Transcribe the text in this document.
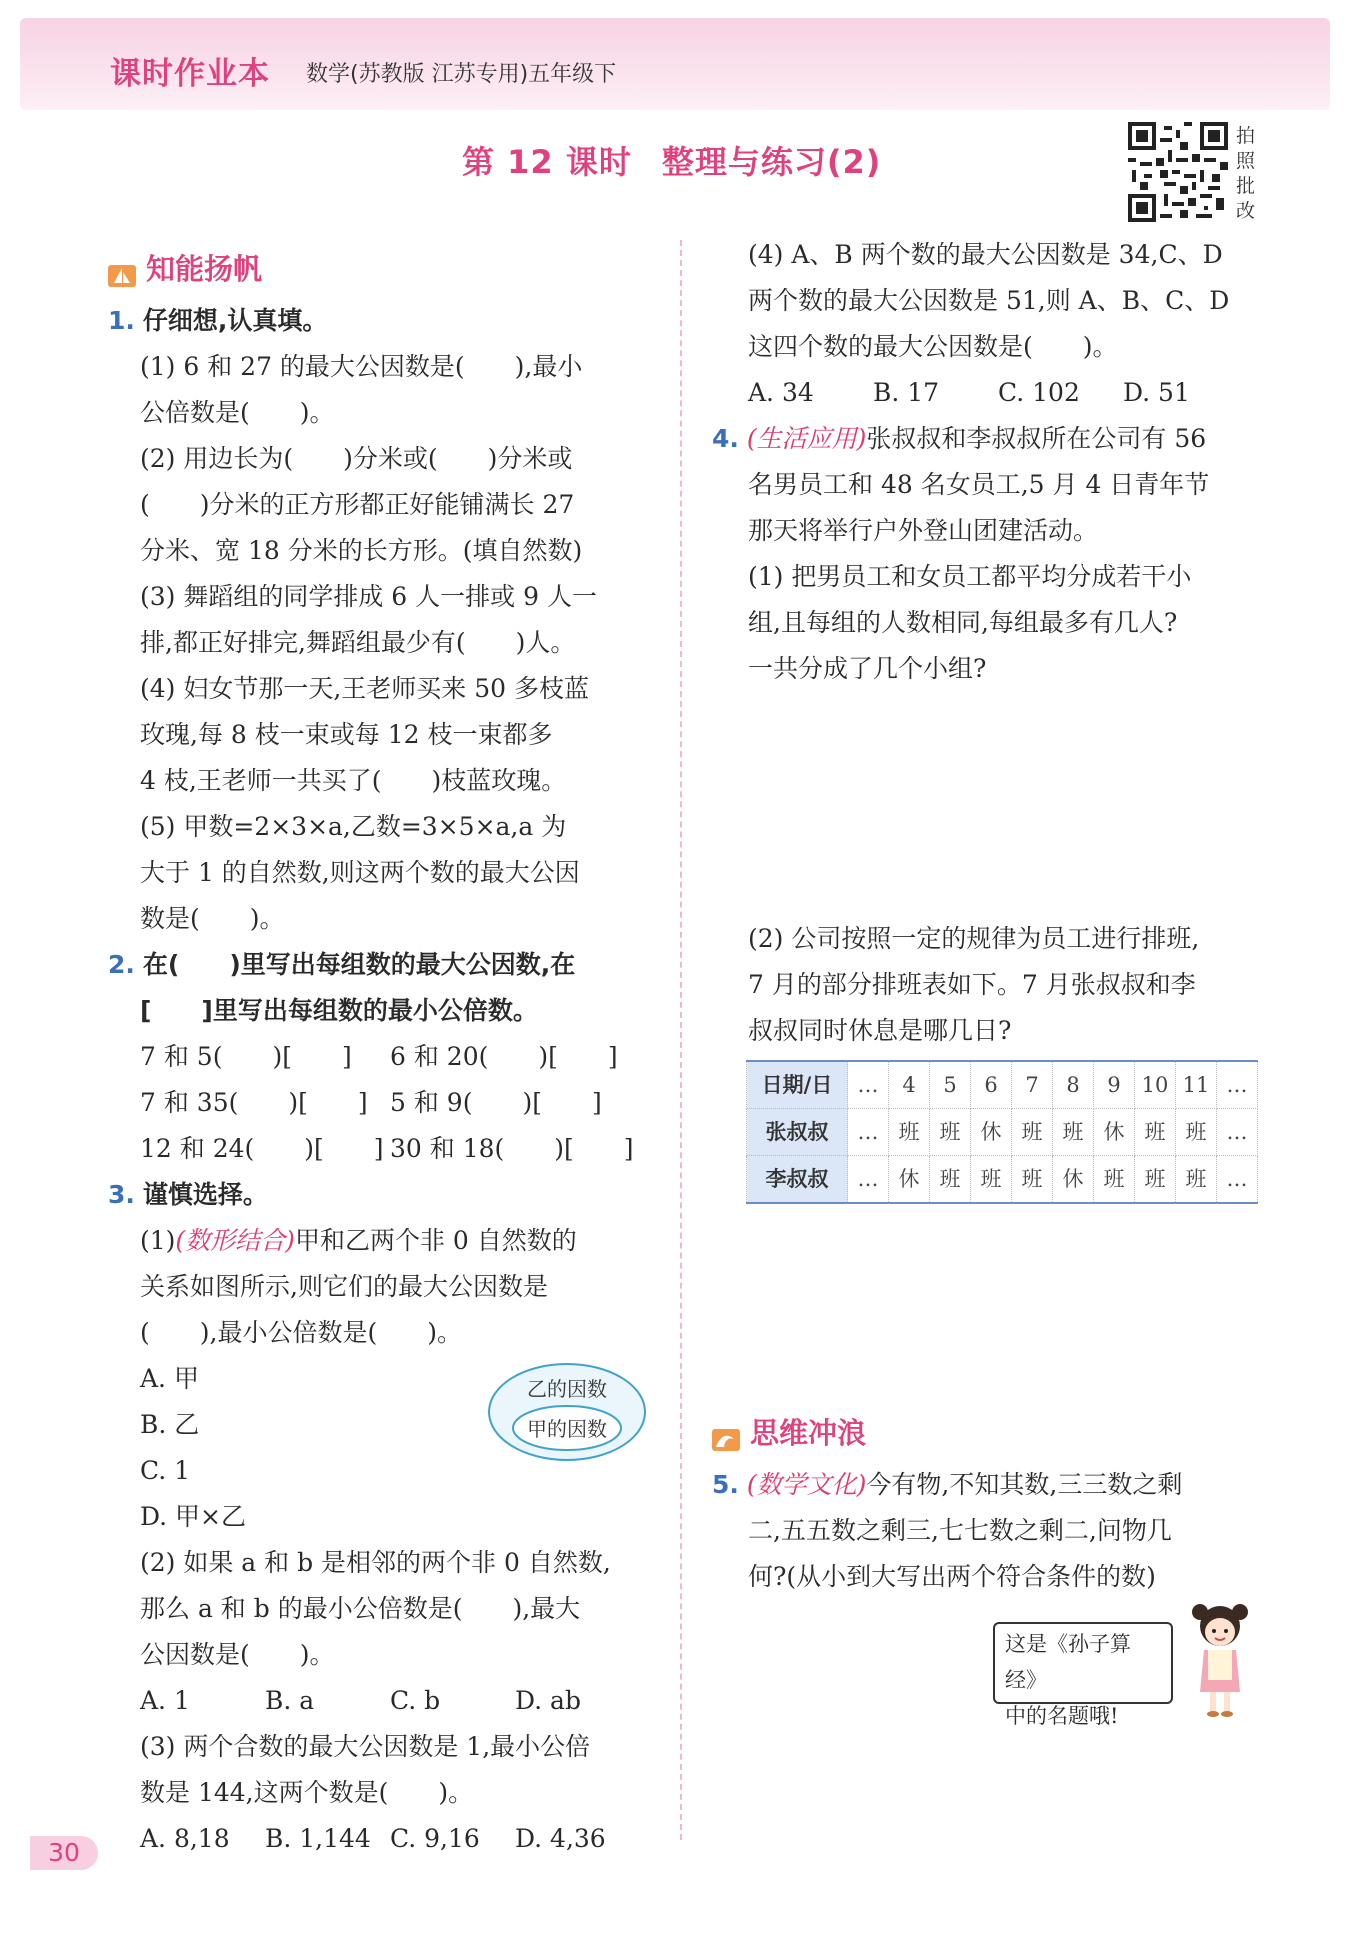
课时作业本 数学(苏教版 江苏专用)五年级下
第 12 课时 整理与练习(2)
拍
照
批
改
知能扬帆
1. 仔细想,认真填。
(1) 6 和 27 的最大公因数是(　　),最小
公倍数是(　　)。
(2) 用边长为(　　)分米或(　　)分米或
(　　)分米的正方形都正好能铺满长 27
分米、宽 18 分米的长方形。(填自然数)
(3) 舞蹈组的同学排成 6 人一排或 9 人一
排,都正好排完,舞蹈组最少有(　　)人。
(4) 妇女节那一天,王老师买来 50 多枝蓝
玫瑰,每 8 枝一束或每 12 枝一束都多
4 枝,王老师一共买了(　　)枝蓝玫瑰。
(5) 甲数=2×3×a,乙数=3×5×a,a 为
大于 1 的自然数,则这两个数的最大公因
数是(　　)。
2. 在(　　)里写出每组数的最大公因数,在
[　　]里写出每组数的最小公倍数。
7 和 5(　　)[　　]	6 和 20(　　)[　　]
7 和 35(　　)[　　] 5 和 9(　　)[　　]
12 和 24(　　)[　　] 30 和 18(　　)[　　]
3. 谨慎选择。
(1)(数形结合)甲和乙两个非 0 自然数的
关系如图所示,则它们的最大公因数是
(　　),最小公倍数是(　　)。
A. 甲
B. 乙
C. 1
D. 甲×乙
(2) 如果 a 和 b 是相邻的两个非 0 自然数,
那么 a 和 b 的最小公倍数是(　　),最大
公因数是(　　)。
A. 1	B. a	C. b	D. ab
(3) 两个合数的最大公因数是 1,最小公倍
数是 144,这两个数是(　　)。
A. 8,18	B. 1,144 C. 9,16	D. 4,36
乙的因数
甲的因数
(4) A、B 两个数的最大公因数是 34,C、D
两个数的最大公因数是 51,则 A、B、C、D
这四个数的最大公因数是(　　)。
A. 34	B. 17	C. 102	D. 51
4. (生活应用)张叔叔和李叔叔所在公司有 56
名男员工和 48 名女员工,5 月 4 日青年节
那天将举行户外登山团建活动。
(1) 把男员工和女员工都平均分成若干小
组,且每组的人数相同,每组最多有几人?
一共分成了几个小组?
(2) 公司按照一定的规律为员工进行排班,
7 月的部分排班表如下。7 月张叔叔和李
叔叔同时休息是哪几日?
日期/日	…	4	5	6	7	8	9	10	11	…
张叔叔	…	班	班	休	班	班	休	班	班	…
李叔叔	…	休	班	班	班	休	班	班	班	…
思维冲浪
5. (数学文化)今有物,不知其数,三三数之剩
二,五五数之剩三,七七数之剩二,问物几
何?(从小到大写出两个符合条件的数)
这是《孙子算经》
中的名题哦!
30
